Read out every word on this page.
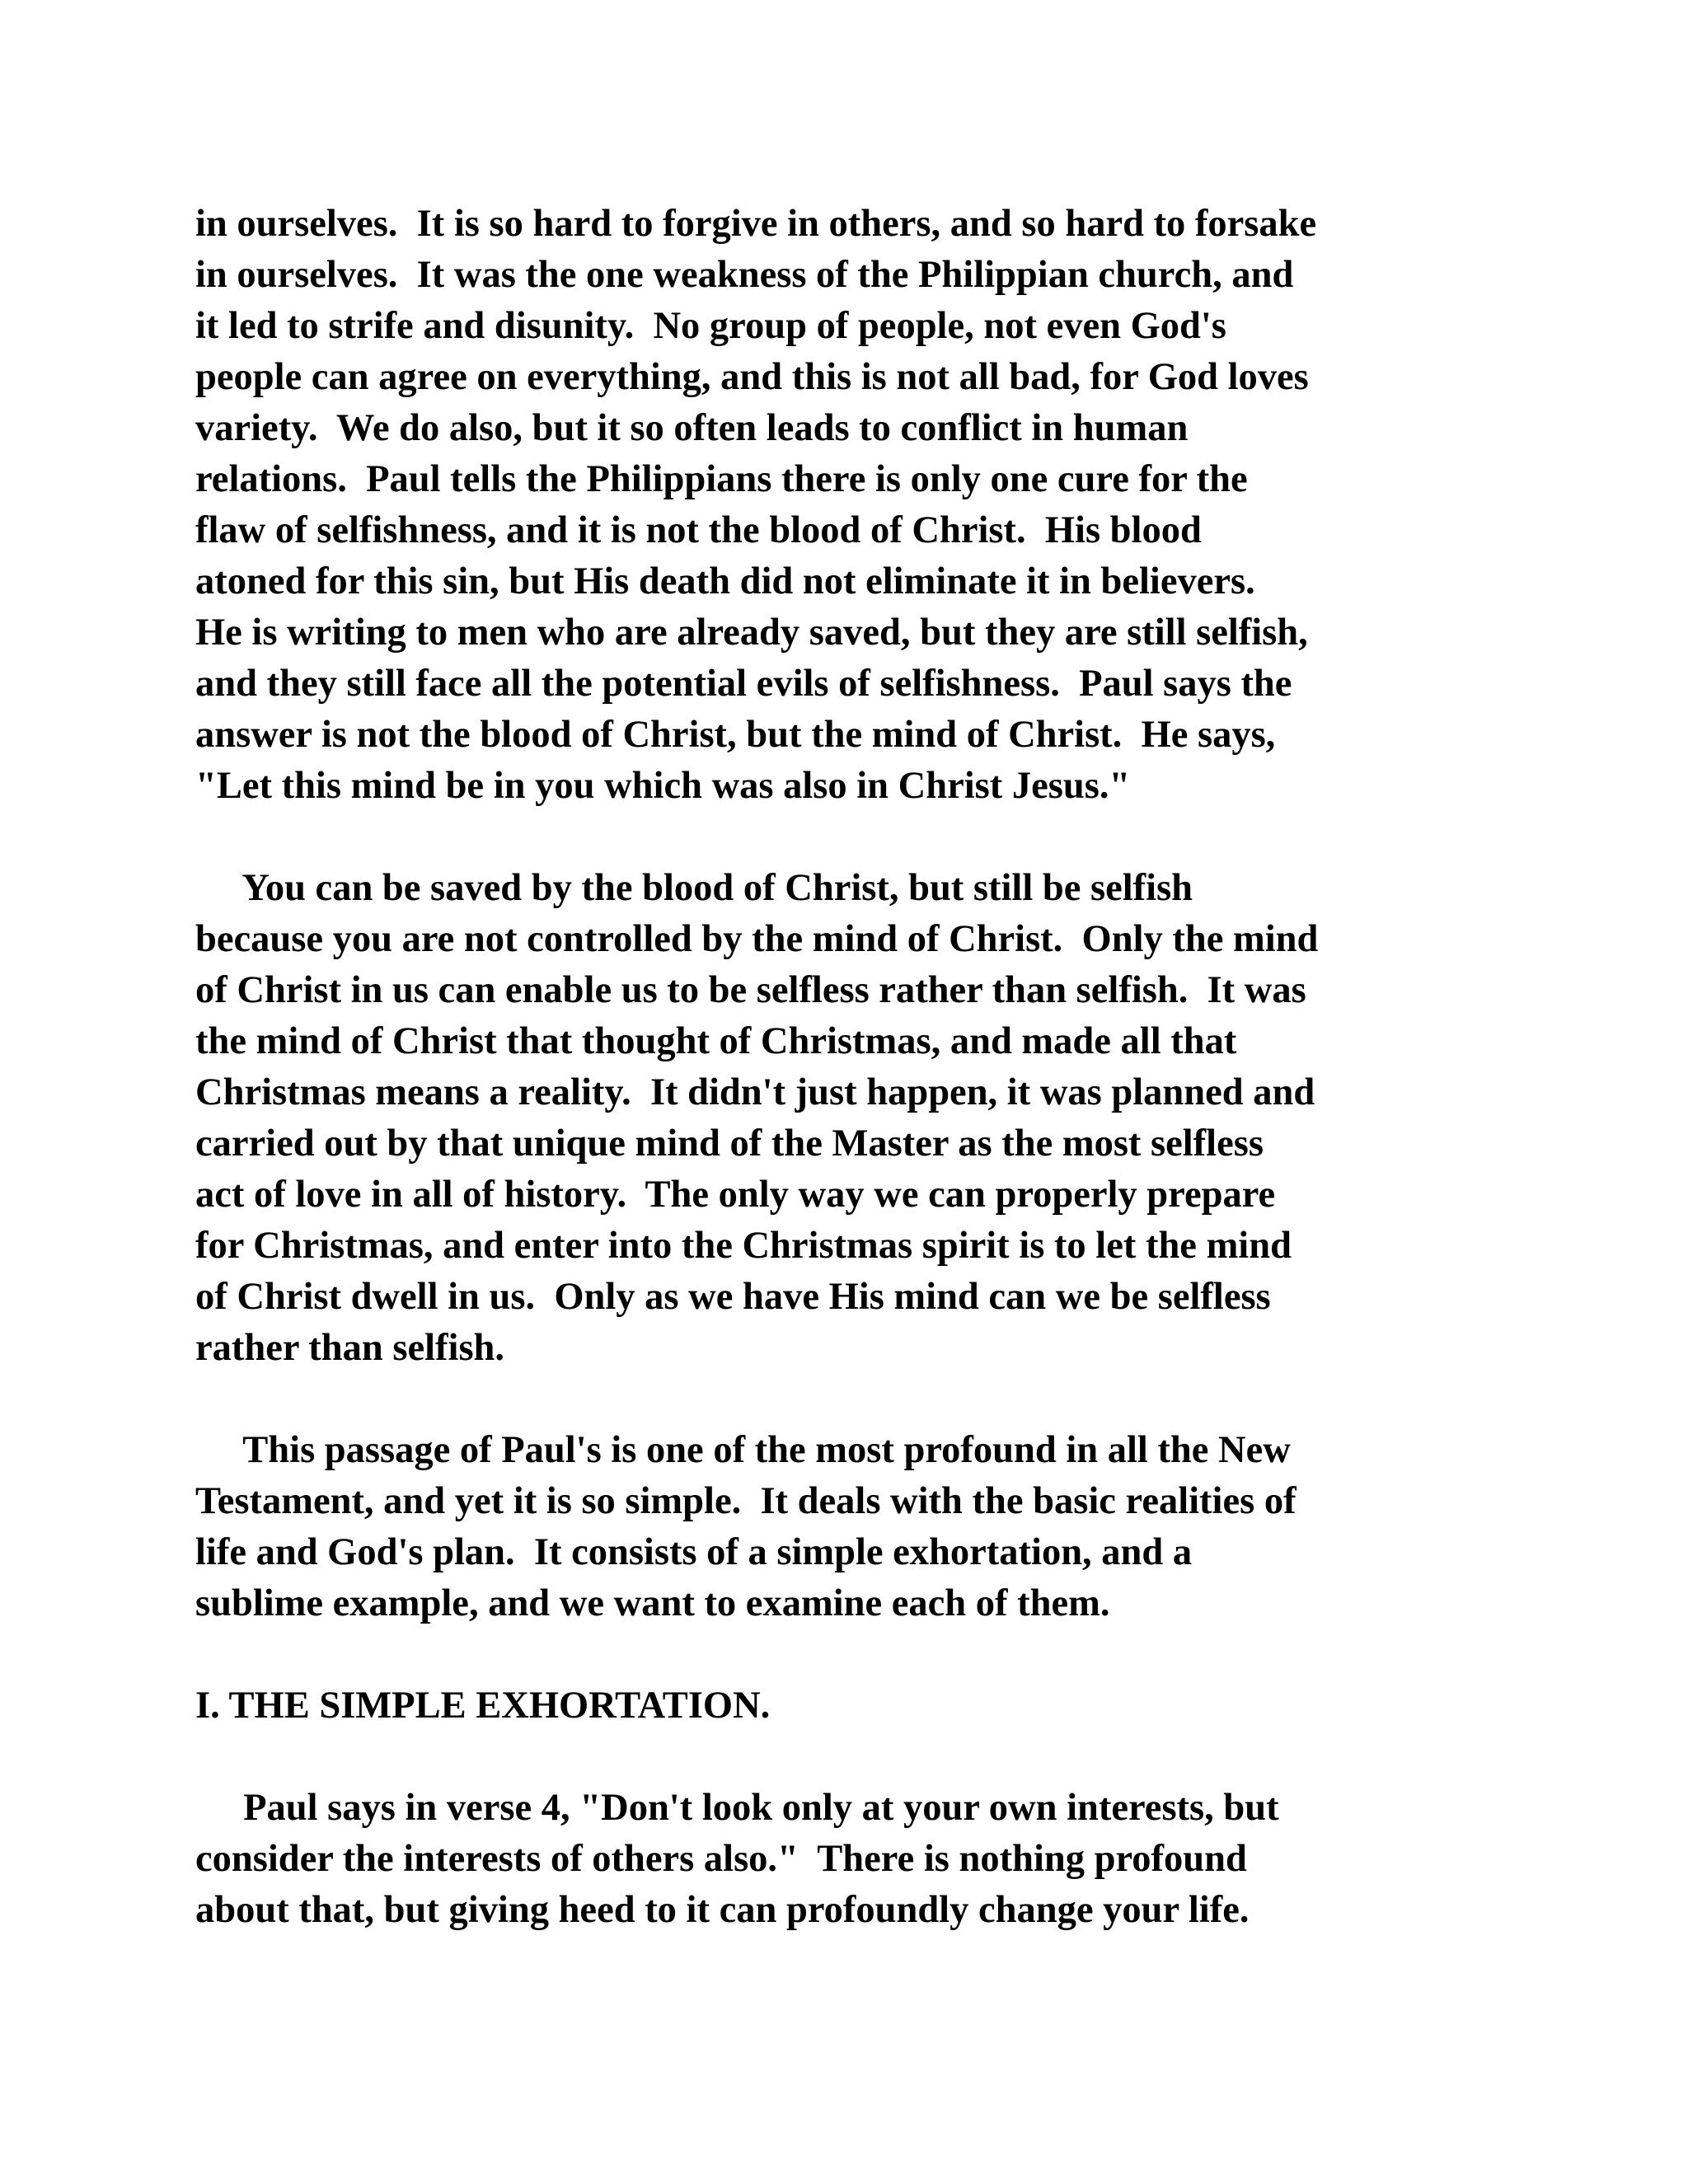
in ourselves.  It is so hard to forgive in others, and so hard to forsake
in ourselves.  It was the one weakness of the Philippian church, and
it led to strife and disunity.  No group of people, not even God's
people can agree on everything, and this is not all bad, for God loves
variety.  We do also, but it so often leads to conflict in human
relations.  Paul tells the Philippians there is only one cure for the
flaw of selfishness, and it is not the blood of Christ.  His blood
atoned for this sin, but His death did not eliminate it in believers.
He is writing to men who are already saved, but they are still selfish,
and they still face all the potential evils of selfishness.  Paul says the
answer is not the blood of Christ, but the mind of Christ.  He says,
"Let this mind be in you which was also in Christ Jesus."
You can be saved by the blood of Christ, but still be selfish
because you are not controlled by the mind of Christ.  Only the mind
of Christ in us can enable us to be selfless rather than selfish.  It was
the mind of Christ that thought of Christmas, and made all that
Christmas means a reality.  It didn't just happen, it was planned and
carried out by that unique mind of the Master as the most selfless
act of love in all of history.  The only way we can properly prepare
for Christmas, and enter into the Christmas spirit is to let the mind
of Christ dwell in us.  Only as we have His mind can we be selfless
rather than selfish.
This passage of Paul's is one of the most profound in all the New
Testament, and yet it is so simple.  It deals with the basic realities of
life and God's plan.  It consists of a simple exhortation, and a
sublime example, and we want to examine each of them.
I. THE SIMPLE EXHORTATION.
Paul says in verse 4, "Don't look only at your own interests, but
consider the interests of others also."  There is nothing profound
about that, but giving heed to it can profoundly change your life.
